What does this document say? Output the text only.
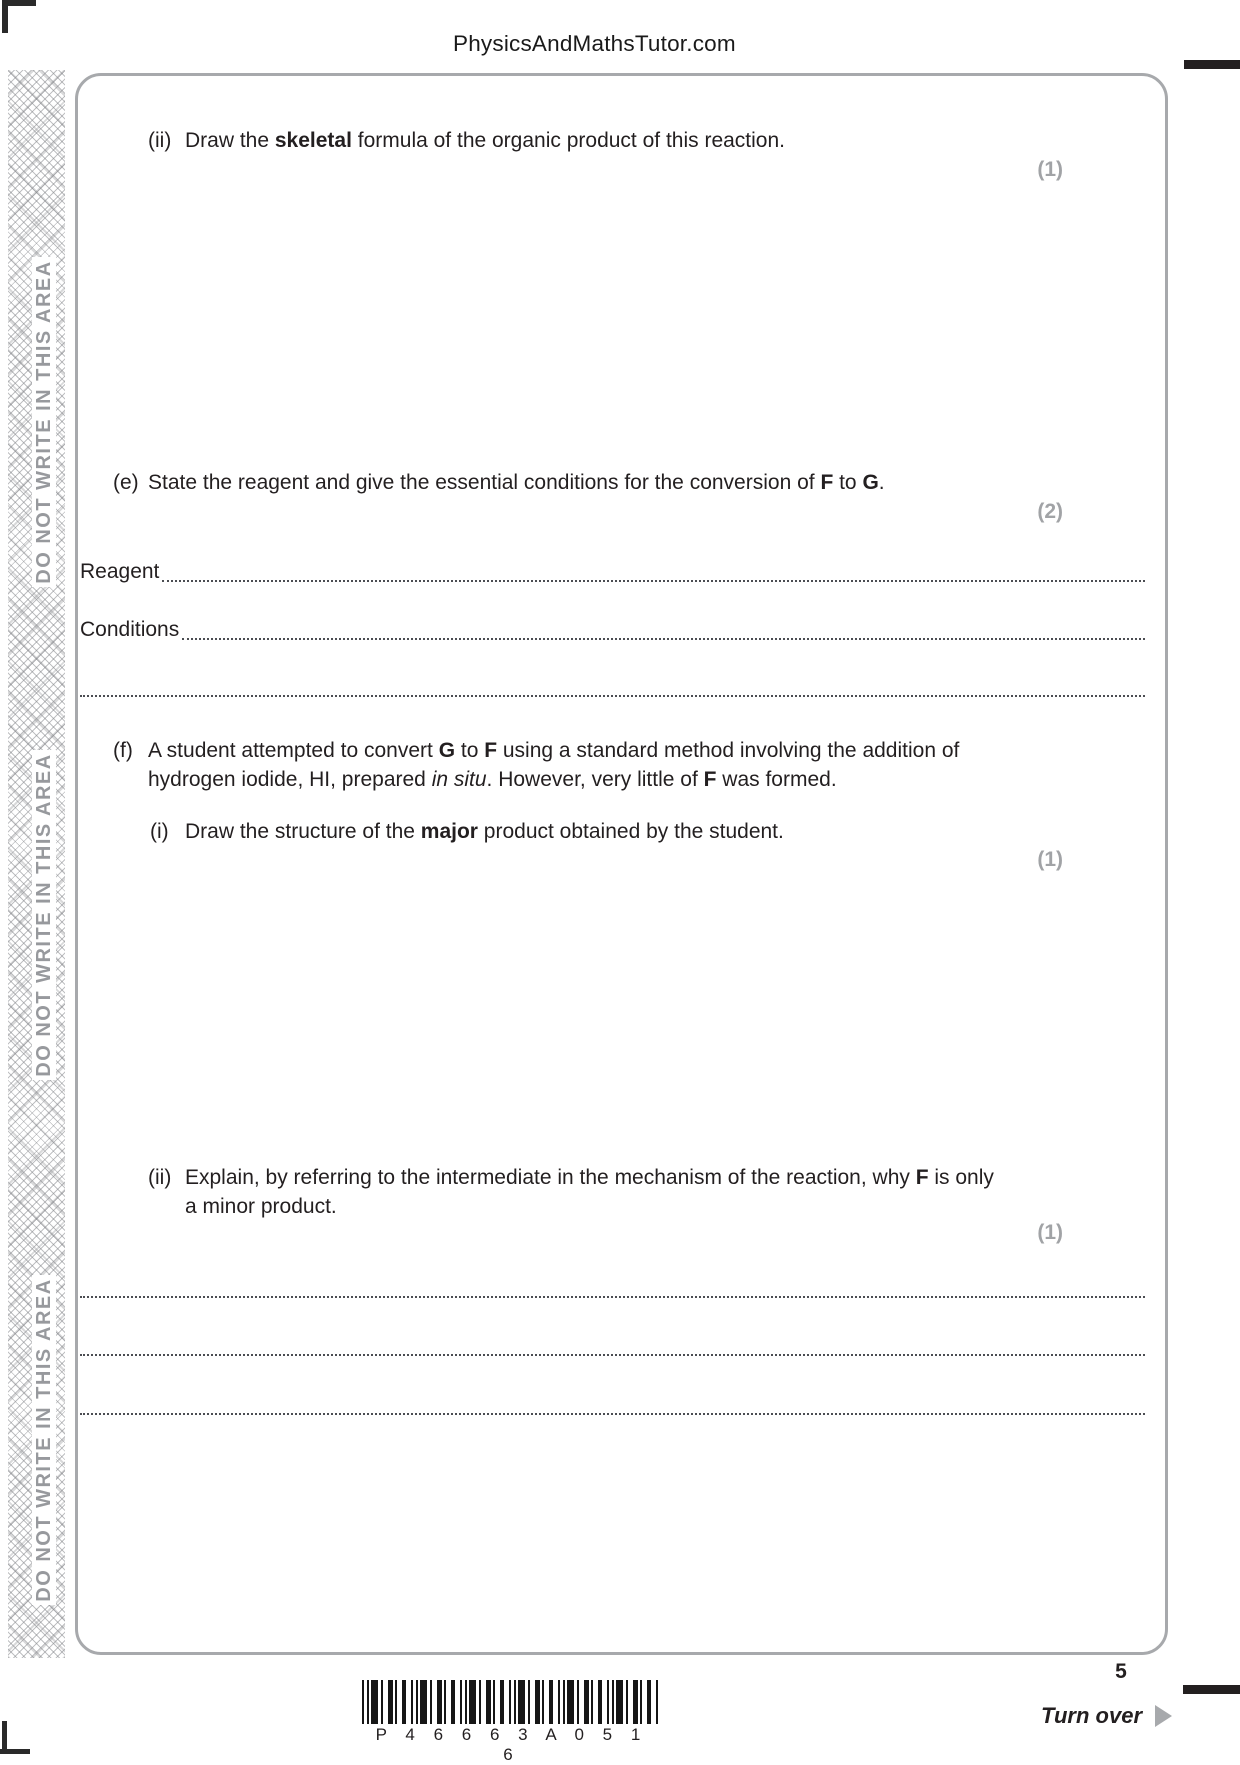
PhysicsAndMathsTutor.com
DO NOT WRITE IN THIS AREA
DO NOT WRITE IN THIS AREA
DO NOT WRITE IN THIS AREA
(ii) Draw the skeletal formula of the organic product of this reaction.
(1)
(e) State the reagent and give the essential conditions for the conversion of F to G.
(2)
Reagent
Conditions
(f) A student attempted to convert G to F using a standard method involving the addition of hydrogen iodide, HI, prepared in situ. However, very little of F was formed.
(i) Draw the structure of the major product obtained by the student.
(1)
(ii) Explain, by referring to the intermediate in the mechanism of the reaction, why F is only a minor product.
(1)
5
P 4 6 6 6 3 A 0 5 1 6
Turn over
